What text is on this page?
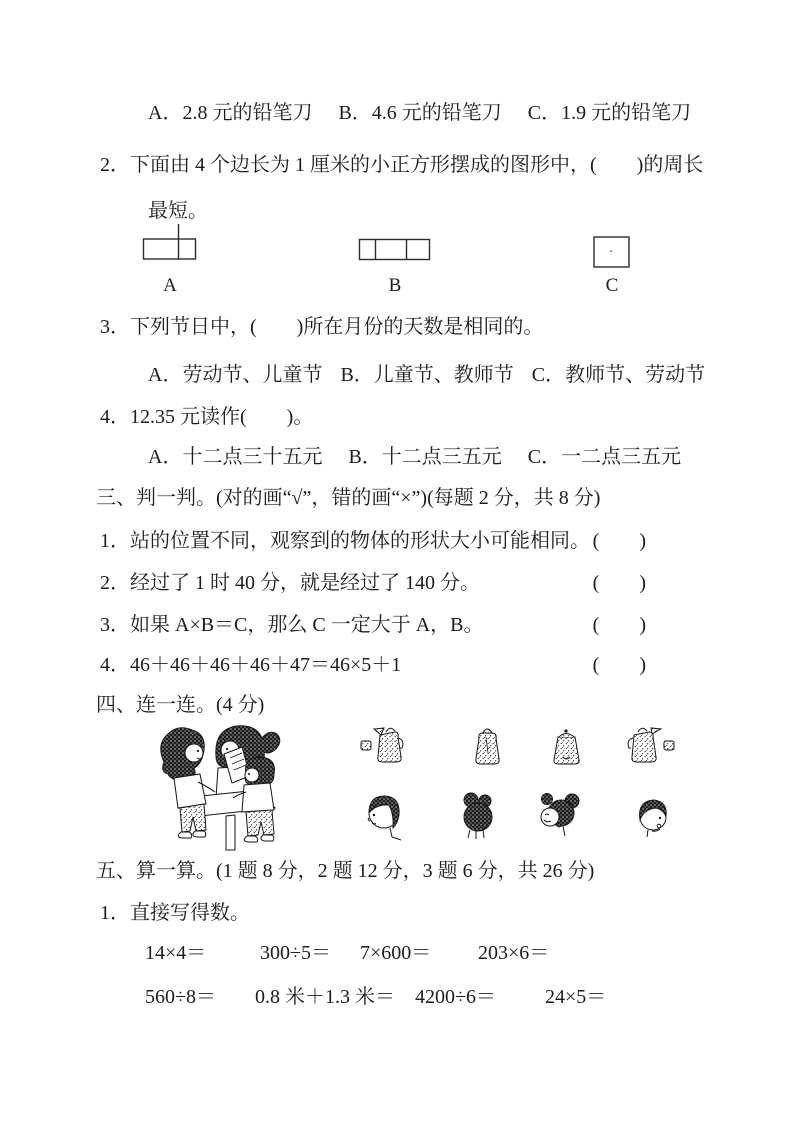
A．2.8 元的铅笔刀 B．4.6 元的铅笔刀 C．1.9 元的铅笔刀
2．下面由 4 个边长为 1 厘米的小正方形摆成的图形中，(　　)的周长
最短。
A	B	C
3．下列节日中，(　　)所在月份的天数是相同的。
A．劳动节、儿童节 B．儿童节、教师节 C．教师节、劳动节
4．12.35 元读作(　　)。
A．十二点三十五元 B．十二点三五元 C．一二点三五元
三、判一判。(对的画“√”，错的画“×”)(每题 2 分，共 8 分)
1．站的位置不同，观察到的物体的形状大小可能相同。 (　　)
2．经过了 1 时 40 分，就是经过了 140 分。	(　　)
3．如果 A×B＝C，那么 C 一定大于 A，B。	(　　)
4．46＋46＋46＋46＋47＝46×5＋1	(　　)
四、连一连。(4 分)
五、算一算。(1 题 8 分，2 题 12 分，3 题 6 分，共 26 分)
1．直接写得数。
14×4＝	300÷5＝ 7×600＝ 203×6＝
560÷8＝ 0.8 米＋1.3 米＝ 4200÷6＝ 24×5＝
